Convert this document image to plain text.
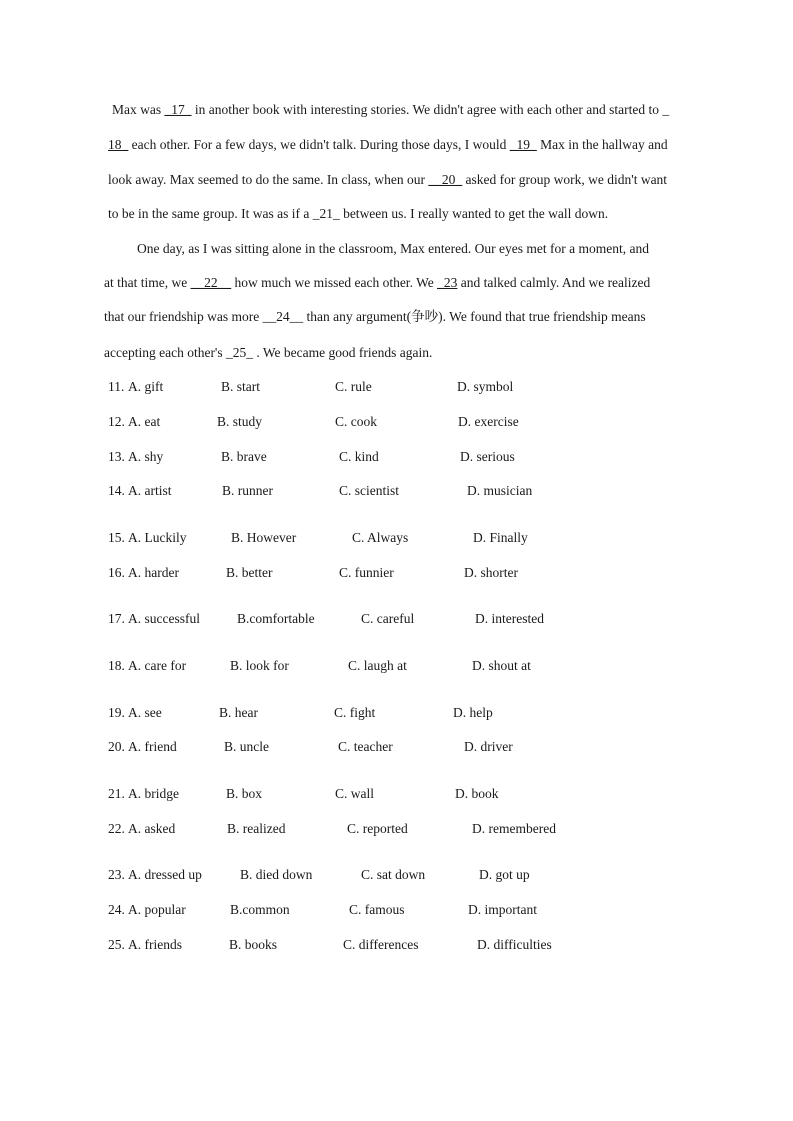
Max was _17_ in another book with interesting stories. We didn't agree with each other and started to _
18_ each other. For a few days, we didn't talk. During those days, I would _19_ Max in the hallway and
look away. Max seemed to do the same. In class, when our __20_ asked for group work, we didn't want
to be in the same group. It was as if a _21_ between us. I really wanted to get the wall down.
One day, as I was sitting alone in the classroom, Max entered. Our eyes met for a moment, and
at that time, we __22__ how much we missed each other. We _23 and talked calmly. And we realized
that our friendship was more __24__ than any argument(争吵). We found that true friendship means
accepting each other's _25_ . We became good friends again.
11. A. gift	B. start	C. rule	D. symbol
12. A. eat	B. study	C. cook	D. exercise
13. A. shy	B. brave	C. kind	D. serious
14. A. artist	B. runner	C. scientist	D. musician
15. A. Luckily	B. However	C. Always	D. Finally
16. A. harder	B. better	C. funnier	D. shorter
17. A. successful	B.comfortable	C. careful	D. interested
18. A. care for	B. look for	C. laugh at	D. shout at
19. A. see	B. hear	C. fight	D. help
20. A. friend	B. uncle	C. teacher	D. driver
21. A. bridge	B. box	C. wall	D. book
22. A. asked	B. realized	C. reported	D. remembered
23. A. dressed up	B. died down	C. sat down	D. got up
24. A. popular	B.common	C. famous	D. important
25. A. friends	B. books	C. differences	D. difficulties
